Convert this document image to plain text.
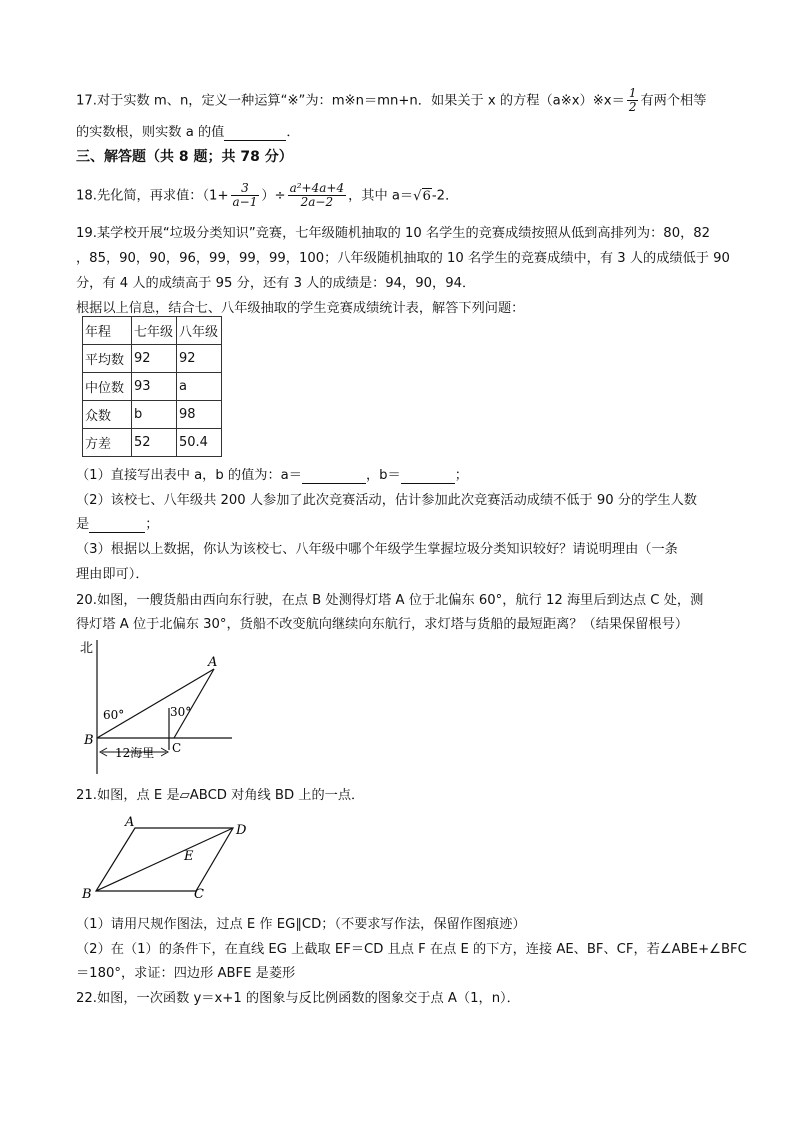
17.对于实数 m、n，定义一种运算“※”为：m※n＝mn+n．如果关于 x 的方程（a※x）※x＝ $\frac{1}{2}$ 有两个相等
的实数根，则实数 a 的值	．
三、解答题（共 8 题；共 78 分）
18.先化简，再求值：（$1+ \frac{3}{a-1}$ ）÷ $\frac{\text{a²+4a+4}}{2a-2}$ ，其中 a＝√6-2．
19.某学校开展“垃圾分类知识”竞赛，七年级随机抽取的 10 名学生的竞赛成绩按照从低到高排列为：80，82
，85，90，90，96，99，99，99，100；八年级随机抽取的 10 名学生的竞赛成绩中，有 3 人的成绩低于 90
分，有 4 人的成绩高于 95 分，还有 3 人的成绩是：94，90，94．
根据以上信息，结合七、八年级抽取的学生竞赛成绩统计表，解答下列问题：
年程	七年级	八年级
平均数	92	92
中位数	93	a
众数	b	98
方差	52	50.4
（1）直接写出表中 a，b 的值为：a＝	，b＝	；
（2）该校七、八年级共 200 人参加了此次竞赛活动，估计参加此次竞赛活动成绩不低于 90 分的学生人数
是	；
（3）根据以上数据，你认为该校七、八年级中哪个年级学生掌握垃圾分类知识较好？请说明理由（一条
理由即可）．
20.如图，一艘货船由西向东行驶，在点 B 处测得灯塔 A 位于北偏东 60°，航行 12 海里后到达点 C 处，测
得灯塔 A 位于北偏东 30°，货船不改变航向继续向东航行，求灯塔与货船的最短距离？（结果保留根号）
北
A
B	C
60°	30°
12海里
21.如图，点 E 是▱ABCD 对角线 BD 上的一点．
A
D
B	C
E
（1）请用尺规作图法，过点 E 作 EG∥CD；（不要求写作法，保留作图痕迹）
（2）在（1）的条件下，在直线 EG 上截取 EF＝CD 且点 F 在点 E 的下方，连接 AE、BF、CF，若∠ABE+∠BFC
＝180°，求证：四边形 ABFE 是菱形
22.如图，一次函数 y＝x+1 的图象与反比例函数的图象交于点 A（1，n）．
